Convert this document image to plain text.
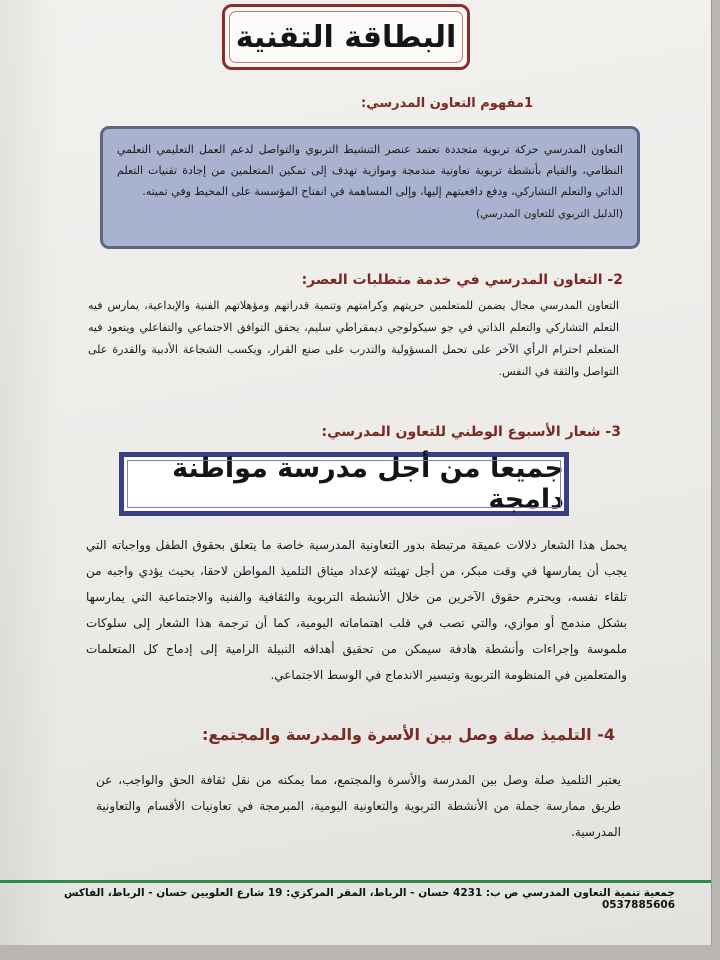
البطاقة التقنية
1مفهوم التعاون المدرسي:

التعاون المدرسي حركة تربوية متجددة تعتمد عنصر التنشيط التربوي والتواصل لدعم العمل التعليمي التعلمي النظامي، والقيام بأنشطة تربوية تعاونية مندمجة وموازية تهدف إلى تمكين المتعلمين من إجادة تقنيات التعلم الذاتي والتعلم التشاركي، ودفع دافعيتهم إليها، وإلى المساهمة في انفتاح المؤسسة على المحيط وفي تميته.

(الدليل التربوي للتعاون المدرسي)

2- التعاون المدرسي في خدمة متطلبات العصر:
التعاون المدرسي مجال يضمن للمتعلمين حريتهم وكرامتهم وتنمية قدراتهم ومؤهلاتهم الفنية والإبداعية، يمارس فيه التعلم التشاركي والتعلم الذاتي في جو سيكولوجي ديمقراطي سليم، يحقق التوافق الاجتماعي والتفاعلي ويتعود فيه المتعلم احترام الرأي الآخر على تحمل المسؤولية والتدرب على صنع القرار، ويكسب الشجاعة الأدبية والقدرة على التواصل والثقة في النفس.
3- شعار الأسبوع الوطني للتعاون المدرسي:
جميعا من أجل مدرسة مواطنة دامجة
يحمل هذا الشعار دلالات عميقة مرتبطة بدور التعاونية المدرسية خاصة ما يتعلق بحقوق الطفل وواجباته التي يجب أن يمارسها في وقت مبكر، من أجل تهيئته لإعداد ميثاق التلميذ المواطن لاحقا، بحيث يؤدي واجبه من تلقاء نفسه، ويحترم حقوق الآخرين من خلال الأنشطة التربوية والثقافية والفنية والاجتماعية التي يمارسها بشكل مندمج أو موازي، والتي تصب في قلب اهتماماته اليومية، كما أن ترجمة هذا الشعار إلى سلوكات ملموسة وإجراءات وأنشطة هادفة سيمكن من تحقيق أهدافه النبيلة الرامية إلى إدماج كل المتعلمات والمتعلمين في المنظومة التربوية وتيسير الاندماج في الوسط الاجتماعي.
4- التلميذ صلة وصل بين الأسرة والمدرسة والمجتمع:
يعتبر التلميذ صلة وصل بين المدرسة والأسرة والمجتمع، مما يمكنه من نقل ثقافة الحق والواجب، عن طريق ممارسة جملة من الأنشطة التربوية والتعاونية اليومية، المبرمجة في تعاونيات الأقسام والتعاونية المدرسية.
جمعية تنمية التعاون المدرسي ص ب: 4231 حسان - الرباط، المقر المركزي: 19 شارع العلويين حسان - الرباط، الفاكس 0537885606
